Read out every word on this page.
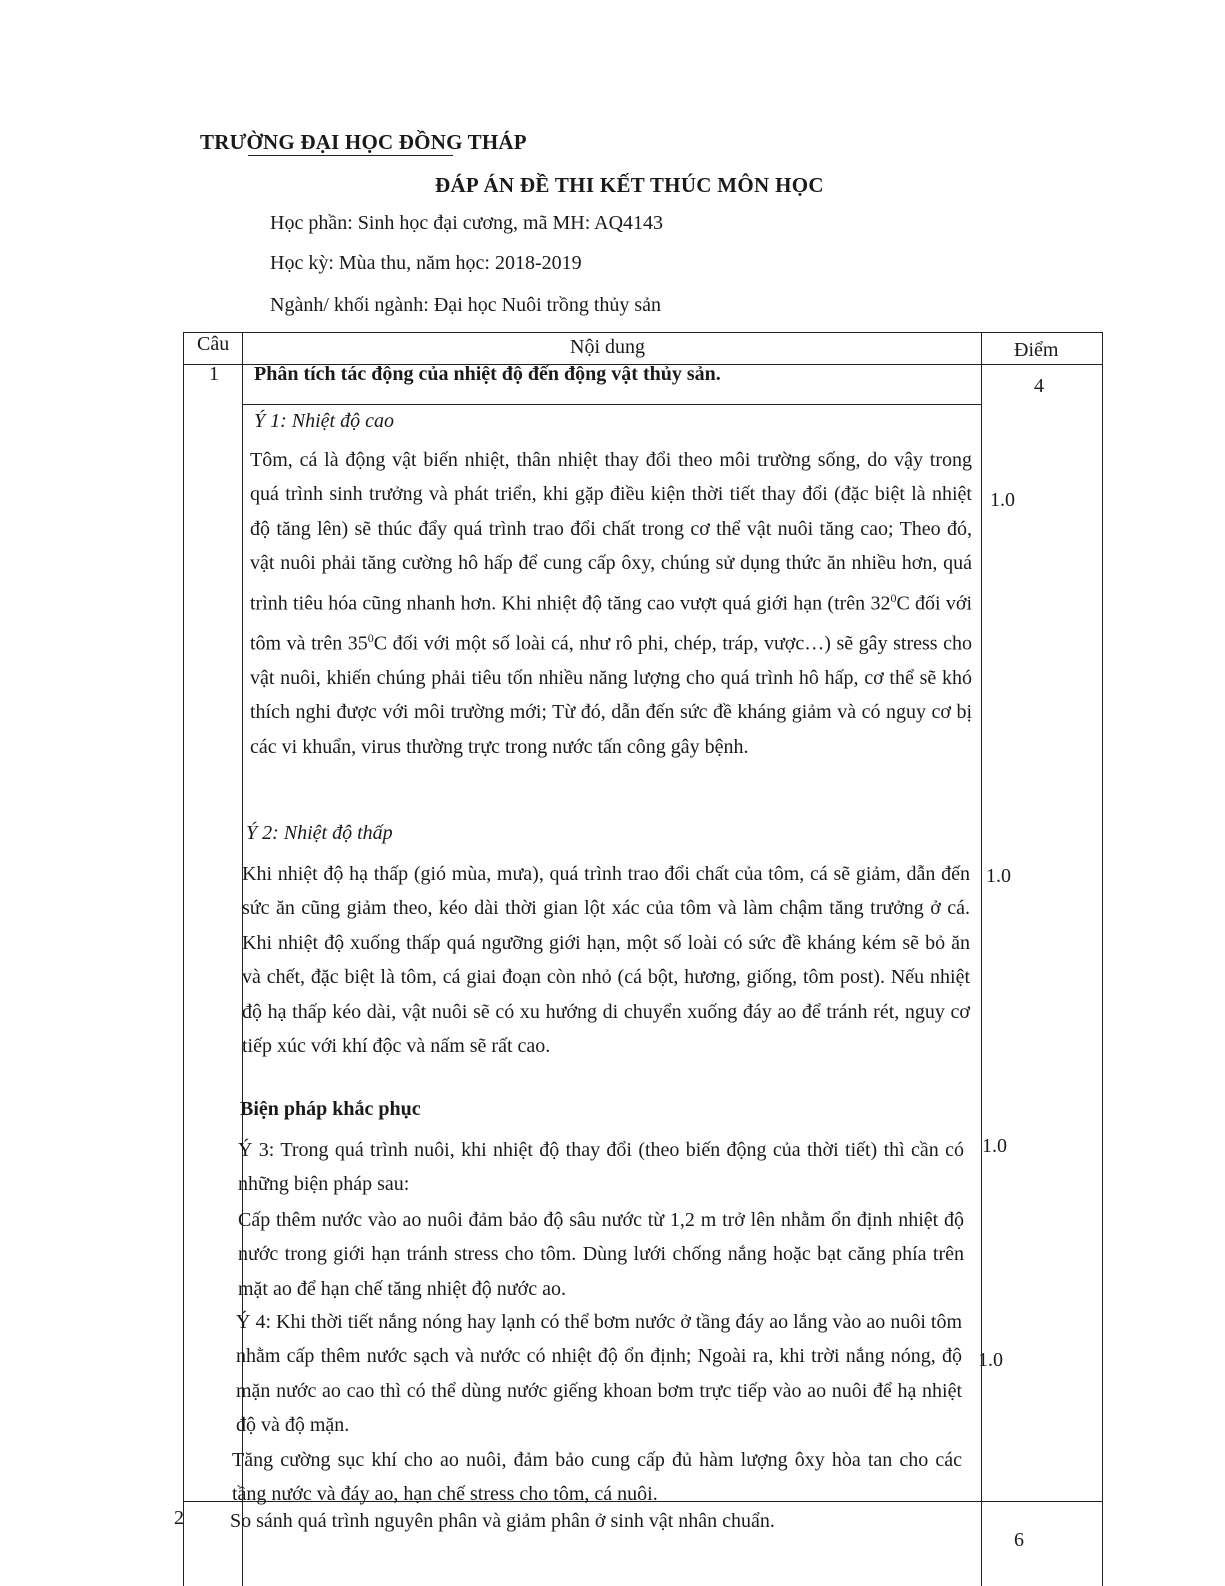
TRƯỜNG ĐẠI HỌC ĐỒNG THÁP
ĐÁP ÁN ĐỀ THI KẾT THÚC MÔN HỌC
Học phần: Sinh học đại cương, mã MH: AQ4143
Học kỳ: Mùa thu, năm học: 2018-2019
Ngành/ khối ngành: Đại học Nuôi trồng thủy sản
Câu	Nội dung	Điểm
1 Phân tích tác động của nhiệt độ đến động vật thủy sản.
4
Ý 1: Nhiệt độ cao
Tôm, cá là động vật biến nhiệt, thân nhiệt thay đổi theo môi trường sống, do vậy trong quá trình sinh trưởng và phát triển, khi gặp điều kiện thời tiết thay đổi (đặc biệt là nhiệt độ tăng lên) sẽ thúc đẩy quá trình trao đổi chất trong cơ thể vật nuôi tăng cao; Theo đó, vật nuôi phải tăng cường hô hấp để cung cấp ôxy, chúng sử dụng thức ăn nhiều hơn, quá trình tiêu hóa cũng nhanh hơn. Khi nhiệt độ tăng cao vượt quá giới hạn (trên $32^0C$ đối với tôm và trên $35^0C$ đối với một số loài cá, như rô phi, chép, tráp, vược…) sẽ gây stress cho vật nuôi, khiến chúng phải tiêu tốn nhiều năng lượng cho quá trình hô hấp, cơ thể sẽ khó thích nghi được với môi trường mới; Từ đó, dẫn đến sức đề kháng giảm và có nguy cơ bị các vi khuẩn, virus thường trực trong nước tấn công gây bệnh.
1.0
Ý 2: Nhiệt độ thấp
Khi nhiệt độ hạ thấp (gió mùa, mưa), quá trình trao đổi chất của tôm, cá sẽ giảm, dẫn đến sức ăn cũng giảm theo, kéo dài thời gian lột xác của tôm và làm chậm tăng trưởng ở cá. Khi nhiệt độ xuống thấp quá ngưỡng giới hạn, một số loài có sức đề kháng kém sẽ bỏ ăn và chết, đặc biệt là tôm, cá giai đoạn còn nhỏ (cá bột, hương, giống, tôm post). Nếu nhiệt độ hạ thấp kéo dài, vật nuôi sẽ có xu hướng di chuyển xuống đáy ao để tránh rét, nguy cơ tiếp xúc với khí độc và nấm sẽ rất cao.
1.0
Biện pháp khắc phục
Ý 3: Trong quá trình nuôi, khi nhiệt độ thay đổi (theo biến động của thời tiết) thì cần có những biện pháp sau:
Cấp thêm nước vào ao nuôi đảm bảo độ sâu nước từ 1,2 m trở lên nhằm ổn định nhiệt độ nước trong giới hạn tránh stress cho tôm. Dùng lưới chống nắng hoặc bạt căng phía trên mặt ao để hạn chế tăng nhiệt độ nước ao.
1.0
Ý 4: Khi thời tiết nắng nóng hay lạnh có thể bơm nước ở tầng đáy ao lắng vào ao nuôi tôm nhằm cấp thêm nước sạch và nước có nhiệt độ ổn định; Ngoài ra, khi trời nắng nóng, độ mặn nước ao cao thì có thể dùng nước giếng khoan bơm trực tiếp vào ao nuôi để hạ nhiệt độ và độ mặn.
Tăng cường sục khí cho ao nuôi, đảm bảo cung cấp đủ hàm lượng ôxy hòa tan cho các tầng nước và đáy ao, hạn chế stress cho tôm, cá nuôi.
1.0
2 So sánh quá trình nguyên phân và giảm phân ở sinh vật nhân chuẩn.
6
